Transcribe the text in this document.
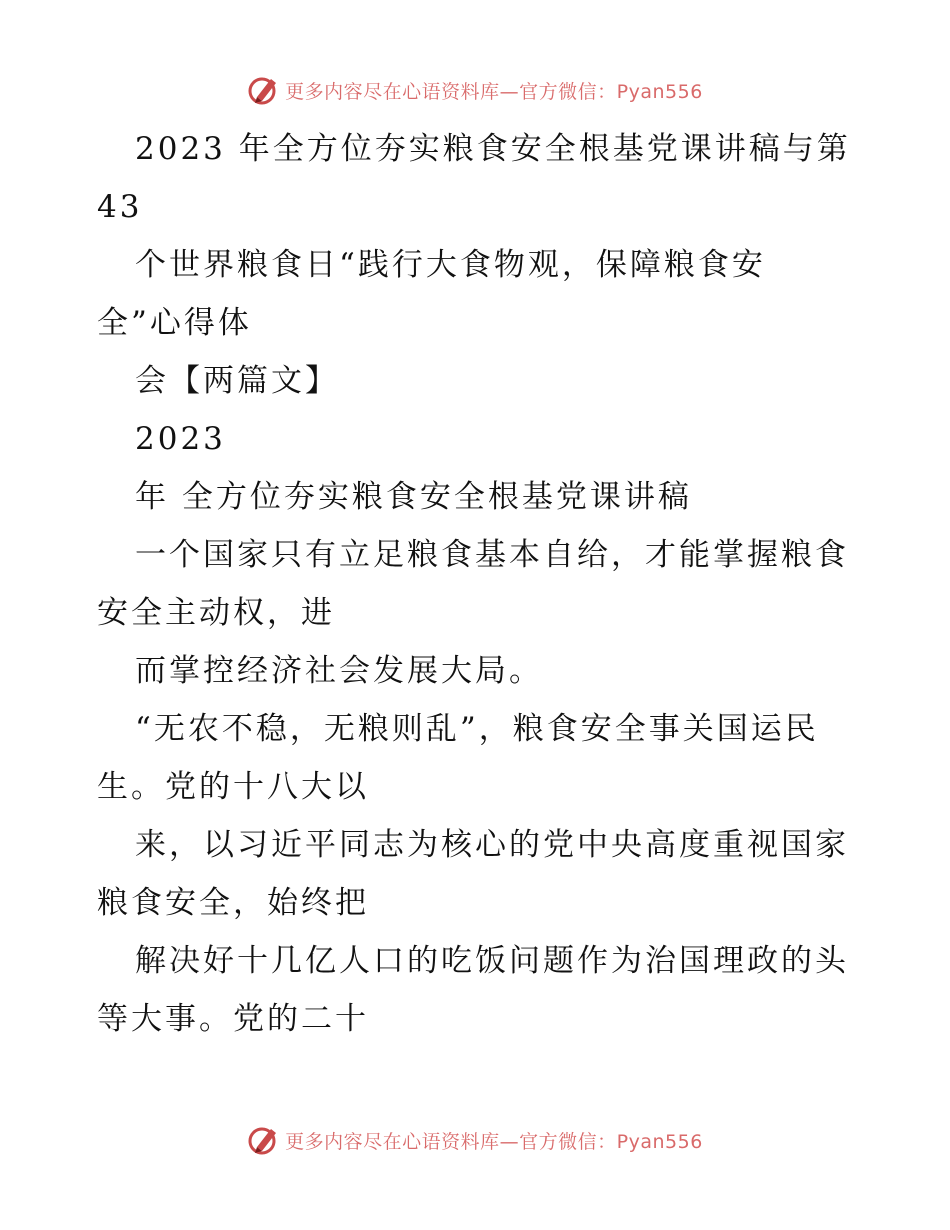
更多内容尽在心语资料库—官方微信：Pyan556
2023 年全方位夯实粮食安全根基党课讲稿与第
43
个世界粮食日“践行大食物观，保障粮食安
全”心得体
会【两篇文】
2023
年 全方位夯实粮食安全根基党课讲稿
一个国家只有立足粮食基本自给，才能掌握粮食
安全主动权，进
而掌控经济社会发展大局。
“无农不稳，无粮则乱”，粮食安全事关国运民
生。党的十八大以
来，以习近平同志为核心的党中央高度重视国家
粮食安全，始终把
解决好十几亿人口的吃饭问题作为治国理政的头
等大事。党的二十
更多内容尽在心语资料库—官方微信：Pyan556
